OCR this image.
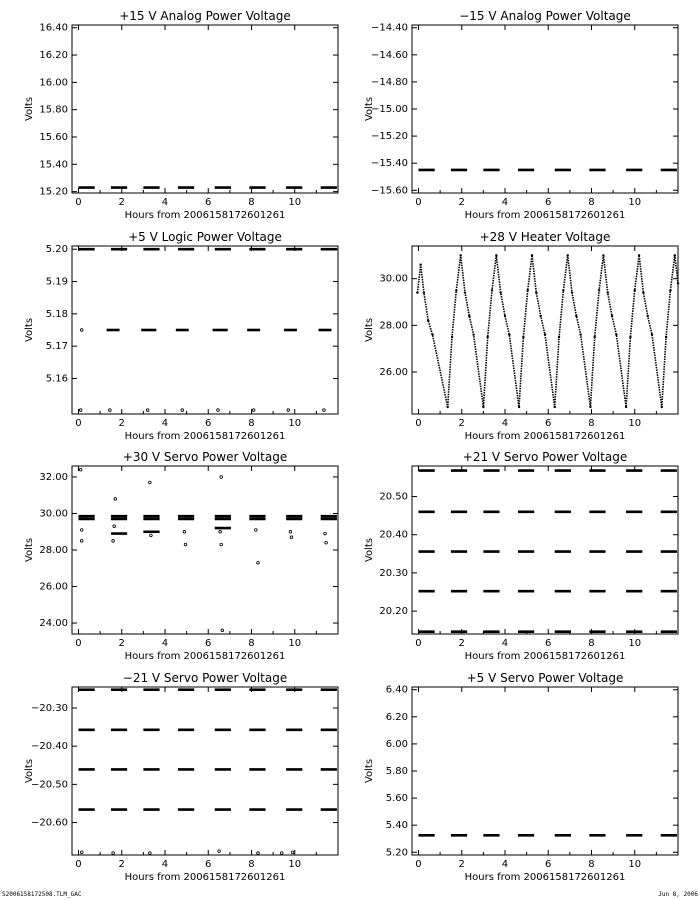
+15 V Analog Power Voltage
Hours from 2006158172601261
Volts
0	2	4	6	8	10
15.20
15.40
15.60
15.80
16.00
16.20
16.40
−15 V Analog Power Voltage
Hours from 2006158172601261
Volts
0	2	4	6	8	10
−14.40
−14.60
−14.80
−15.00
−15.20
−15.40
−15.60
+5 V Logic Power Voltage
Hours from 2006158172601261
Volts
0	2	4	6	8	10
5.16
5.17
5.18
5.19
5.20
+28 V Heater Voltage
Hours from 2006158172601261
Volts
0	2	4	6	8	10
26.00
28.00
30.00
+30 V Servo Power Voltage
Hours from 2006158172601261
Volts
0	2	4	6	8	10
24.00
26.00
28.00
30.00
32.00
+21 V Servo Power Voltage
Hours from 2006158172601261
Volts
0	2	4	6	8	10
20.20
20.30
20.40
20.50
−21 V Servo Power Voltage
Hours from 2006158172601261
Volts
0	2	4	6	8	10
−20.30
−20.40
−20.50
−20.60
+5 V Servo Power Voltage
Hours from 2006158172601261
Volts
0	2	4	6	8	10
5.20
5.40
5.60
5.80
6.00
6.20
6.40
S2006158172508.TLM_GAC	Jun 8, 2006
